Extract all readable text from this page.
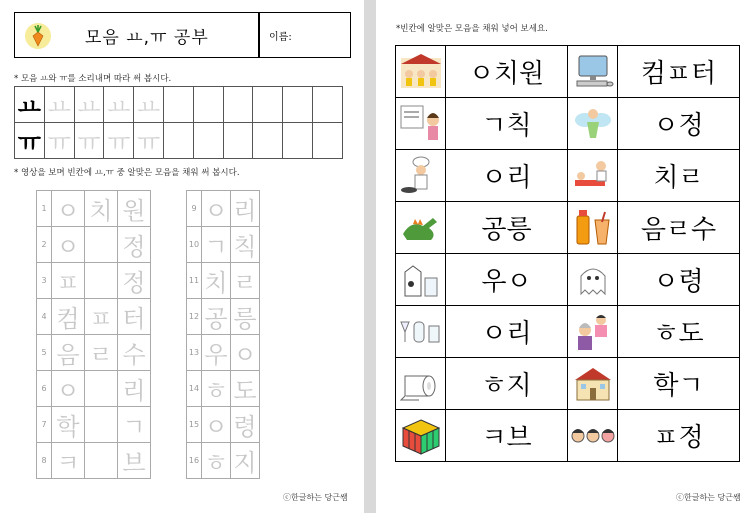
모음 ㅛ,ㅠ 공부	이름:
* 모음 ㅛ와 ㅠ를 소리내며 따라 써 봅시다.
ㅛ	ㅛ	ㅛ	ㅛ	ㅛ						
ㅠ	ㅠ	ㅠ	ㅠ	ㅠ						
* 영상을 보며 빈칸에 ㅛ,ㅠ 중 알맞은 모음을 채워 써 봅시다.
1	ㅇ	치	원
2	ㅇ		정
3	ㅍ		정
4	컴	ㅍ	터
5	음	ㄹ	수
6	ㅇ		리
7	학		ㄱ
8	ㅋ		브
9	ㅇ	리
10	ㄱ	칙
11	치	ㄹ
12	공	릉
13	우	ㅇ
14	ㅎ	도
15	ㅇ	령
16	ㅎ	지
ⓒ한글하는 당근쌤
*빈칸에 알맞은 모음을 채워 넣어 보세요.
	ㅇ치원		컴ㅍ터

	ㄱ칙		ㅇ정

	ㅇ리		치ㄹ

	공릉		음ㄹ수

	우ㅇ		ㅇ령

	ㅇ리		ㅎ도

	ㅎ지		학ㄱ

	ㅋ브		ㅍ정
ⓒ한글하는 당근쌤
